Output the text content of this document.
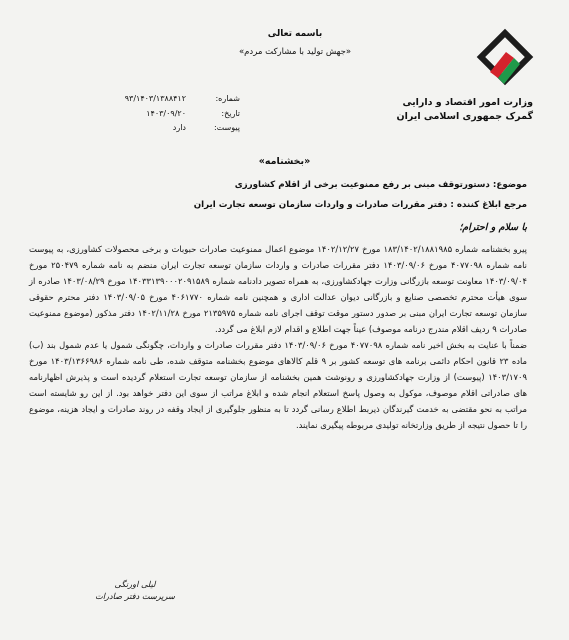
وزارت امور اقتصاد و دارایی
گمرک جمهوری اسلامی ایران
باسمه تعالی
«جهش تولید با مشارکت مردم»
۹۳/۱۴۰۳/۱۳۸۸۴۱۲	شماره:
۱۴۰۳/۰۹/۲۰	تاریخ:
دارد	پیوست:
«بخشنامه»
موضوع: دستورتوقف مبنی بر رفع ممنوعیت برخی از اقلام کشاورزی
مرجع ابلاغ کننده : دفتر مقررات صادرات و واردات سازمان توسعه تجارت ایران
با سلام و احترام؛

پیرو بخشنامه شماره ۱۸۳/۱۴۰۲/۱۸۸۱۹۸۵ مورخ ۱۴۰۲/۱۲/۲۷ موضوع اعمال ممنوعیت صادرات حبوبات و برخی محصولات کشاورزی، به پیوست نامه شماره ۴۰۷۷۰۹۸ مورخ ۱۴۰۳/۰۹/۰۶ دفتر مقررات صادرات و واردات سازمان توسعه تجارت ایران منضم به نامه شماره ۲۵۰۴۷۹ مورخ ۱۴۰۳/۰۹/۰۴ معاونت توسعه بازرگانی وزارت جهادکشاورزی، به همراه تصویر دادنامه شماره ۱۴۰۳۳۱۳۹۰۰۰۲۰۹۱۵۸۹ مورخ ۱۴۰۳/۰۸/۲۹ صادره از سوی هیأت محترم تخصصی صنایع و بازرگانی دیوان عدالت اداری و همچنین نامه شماره ۴۰۶۱۷۷۰ مورخ ۱۴۰۳/۰۹/۰۵ دفتر محترم حقوقی سازمان توسعه تجارت ایران مبنی بر صدور دستور موقت توقف اجرای نامه شماره ۲۱۳۵۹۷۵ مورخ ۱۴۰۲/۱۱/۲۸ دفتر مذکور (موضوع ممنوعیت صادرات ۹ ردیف اقلام مندرج درنامه موصوف) عیناً جهت اطلاع و اقدام لازم ابلاغ می گردد.

ضمناً با عنایت به بخش اخیر نامه شماره ۴۰۷۷۰۹۸ مورخ ۱۴۰۳/۰۹/۰۶ دفتر مقررات صادرات و واردات، چگونگی شمول یا عدم شمول بند (ب) ماده ۲۳ قانون احکام دائمی برنامه های توسعه کشور بر ۹ قلم کالاهای موضوع بخشنامه متوقف شده، طی نامه شماره ۱۴۰۳/۱۳۶۶۹۸۶ مورخ ۱۴۰۳/۱۷۰۹ (پیوست) از وزارت جهادکشاورزی و رونوشت همین بخشنامه از سازمان توسعه تجارت استعلام گردیده است و پذیرش اظهارنامه های صادراتی اقلام موصوف، موکول به وصول پاسخ استعلام انجام شده و ابلاغ مراتب از سوی این دفتر خواهد بود. از این رو شایسته است مراتب به نحو مقتضی به خدمت گیرندگان ذیربط اطلاع رسانی گردد تا به منظور جلوگیری از ایجاد وقفه در روند صادرات و ایجاد هزینه، موضوع را تا حصول نتیجه از طریق وزارتخانه تولیدی مربوطه پیگیری نمایند.

لیلی اورنگی
سرپرست دفتر صادرات
